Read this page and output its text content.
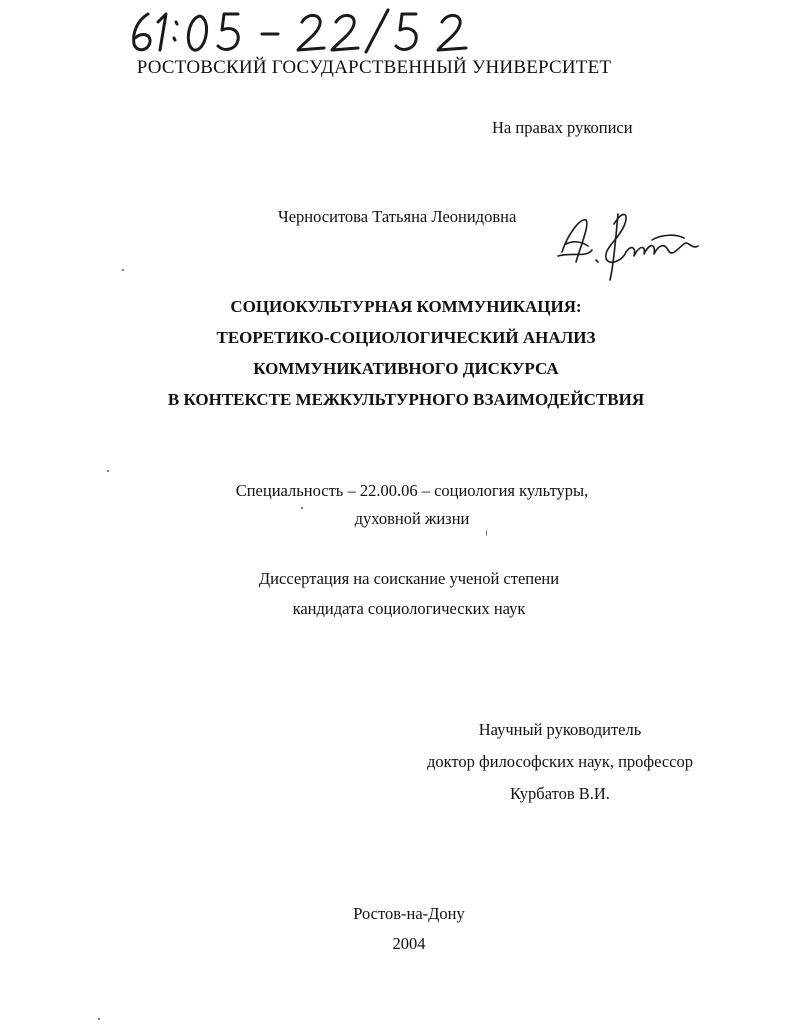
РОСТОВСКИЙ ГОСУДАРСТВЕННЫЙ УНИВЕРСИТЕТ
На правах рукописи
Черноситова Татьяна Леонидовна
СОЦИОКУЛЬТУРНАЯ КОММУНИКАЦИЯ:
ТЕОРЕТИКО-СОЦИОЛОГИЧЕСКИЙ АНАЛИЗ
КОММУНИКАТИВНОГО ДИСКУРСА
В КОНТЕКСТЕ МЕЖКУЛЬТУРНОГО ВЗАИМОДЕЙСТВИЯ
Специальность – 22.00.06 – социология культуры,
духовной жизни
Диссертация на соискание ученой степени
кандидата социологических наук
Научный руководитель
доктор философских наук, профессор
Курбатов В.И.
Ростов-на-Дону
2004
